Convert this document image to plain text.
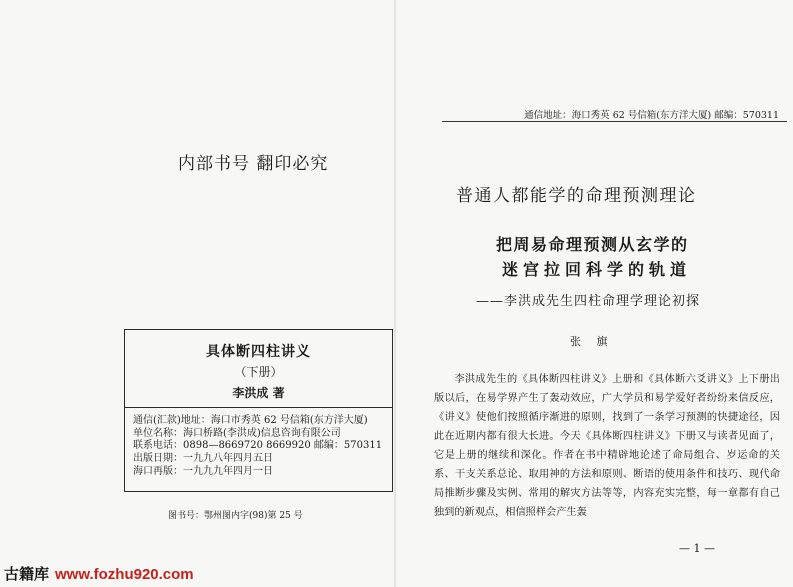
内部书号 翻印必究
具体断四柱讲义
（下册）
李洪成 著
通信(汇款)地址：海口市秀英 62 号信箱(东方洋大厦)
单位名称：海口桥路(李洪成)信息咨询有限公司
联系电话：0898—8669720 8669920 邮编：570311
出版日期：一九九八年四月五日
海口再版：一九九九年四月一日
图书号：鄂州图内字(98)第 25 号
通信地址：海口秀英 62 号信箱(东方洋大厦) 邮编：570311

普通人都能学的命理预测理论
把周易命理预测从玄学的
迷宫拉回科学的轨道
——李洪成先生四柱命理学理论初探
张 旗

李洪成先生的《具体断四柱讲义》上册和《具体断六爻讲义》上下册出版以后，在易学界产生了轰动效应，广大学员和易学爱好者纷纷来信反应，《讲义》使他们按照循序渐进的原则，找到了一条学习预测的快捷途径，因此在近期内都有很大长进。今天《具体断四柱讲义》下册又与读者见面了，它是上册的继续和深化。作者在书中精辟地论述了命局组合、岁运命的关系、干支关系总论、取用神的方法和原则、断语的使用条件和技巧、现代命局推断步骤及实例、常用的解灾方法等等，内容充实完整，每一章都有自己独到的新观点，相信照样会产生轰

— 1 —
古籍库 www.fozhu920.com
